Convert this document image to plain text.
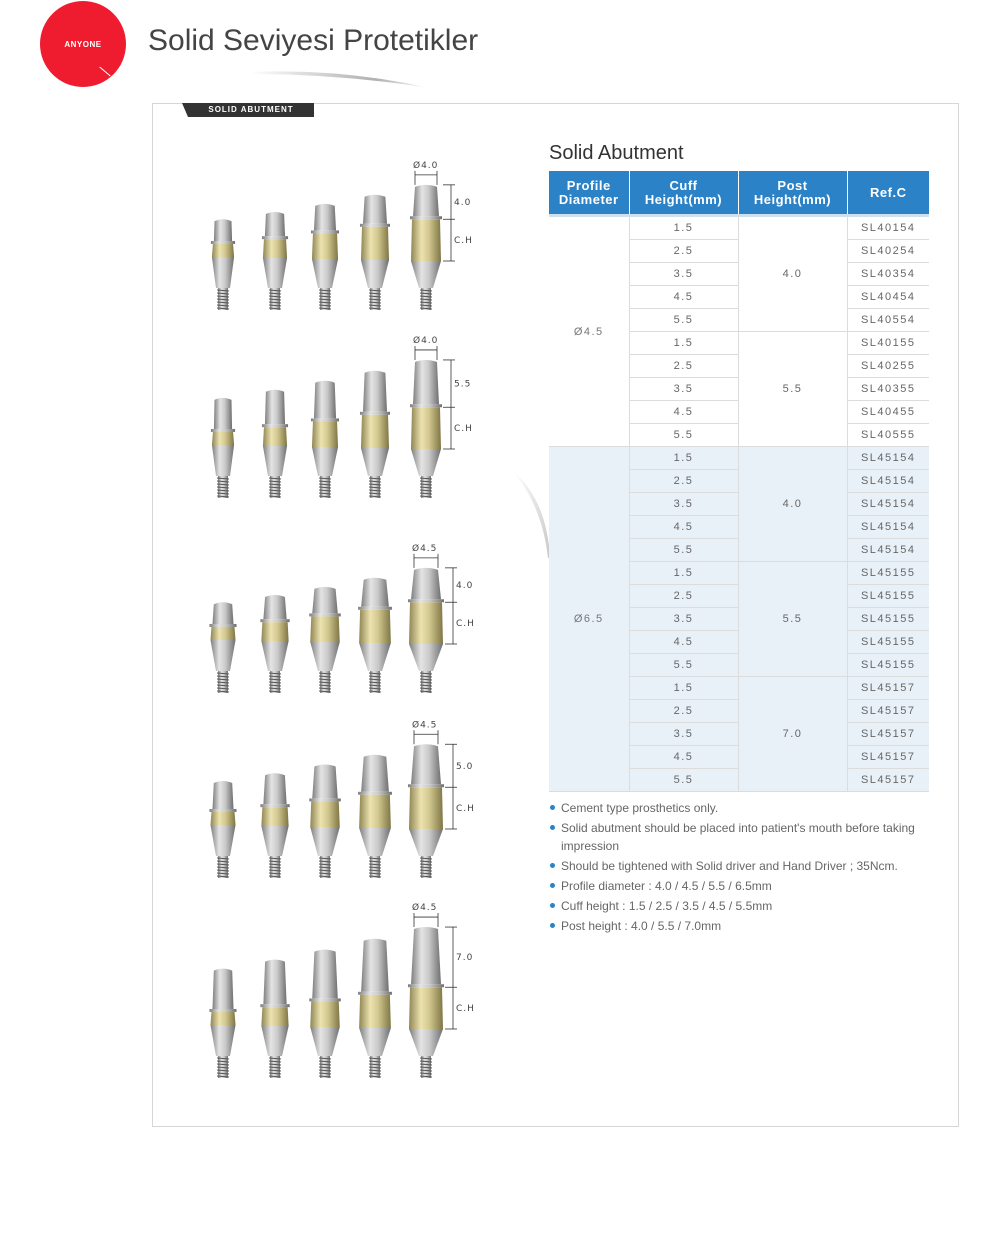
ANYONE Solid Seviyesi Protetikler
SOLID ABUTMENT
Ø4.0
4.0
C.H
Ø4.0
5.5
C.H
Ø4.5
4.0
C.H
Ø4.5
5.0
C.H
Ø4.5
7.0
C.H
Solid Abutment
Profile Diameter	Cuff Height(mm)	Post Height(mm)	Ref.C
Ø4.5	1.5	4.0	SL40154
	2.5		SL40254
	3.5		SL40354
	4.5		SL40454
	5.5		SL40554
	1.5	5.5	SL40155
	2.5		SL40255
	3.5		SL40355
	4.5		SL40455
	5.5		SL40555
Ø6.5	1.5	4.0	SL45154
	2.5		SL45154
	3.5		SL45154
	4.5		SL45154
	5.5		SL45154
	1.5	5.5	SL45155
	2.5		SL45155
	3.5		SL45155
	4.5		SL45155
	5.5		SL45155
	1.5	7.0	SL45157
	2.5		SL45157
	3.5		SL45157
	4.5		SL45157
	5.5		SL45157
Cement type prosthetics only.
Solid abutment should be placed into patient's mouth before taking impression
Should be tightened with Solid driver and Hand Driver ; 35Ncm.
Profile diameter : 4.0 / 4.5 / 5.5 / 6.5mm
Cuff height : 1.5 / 2.5 / 3.5 / 4.5 / 5.5mm
Post height : 4.0 / 5.5 / 7.0mm
